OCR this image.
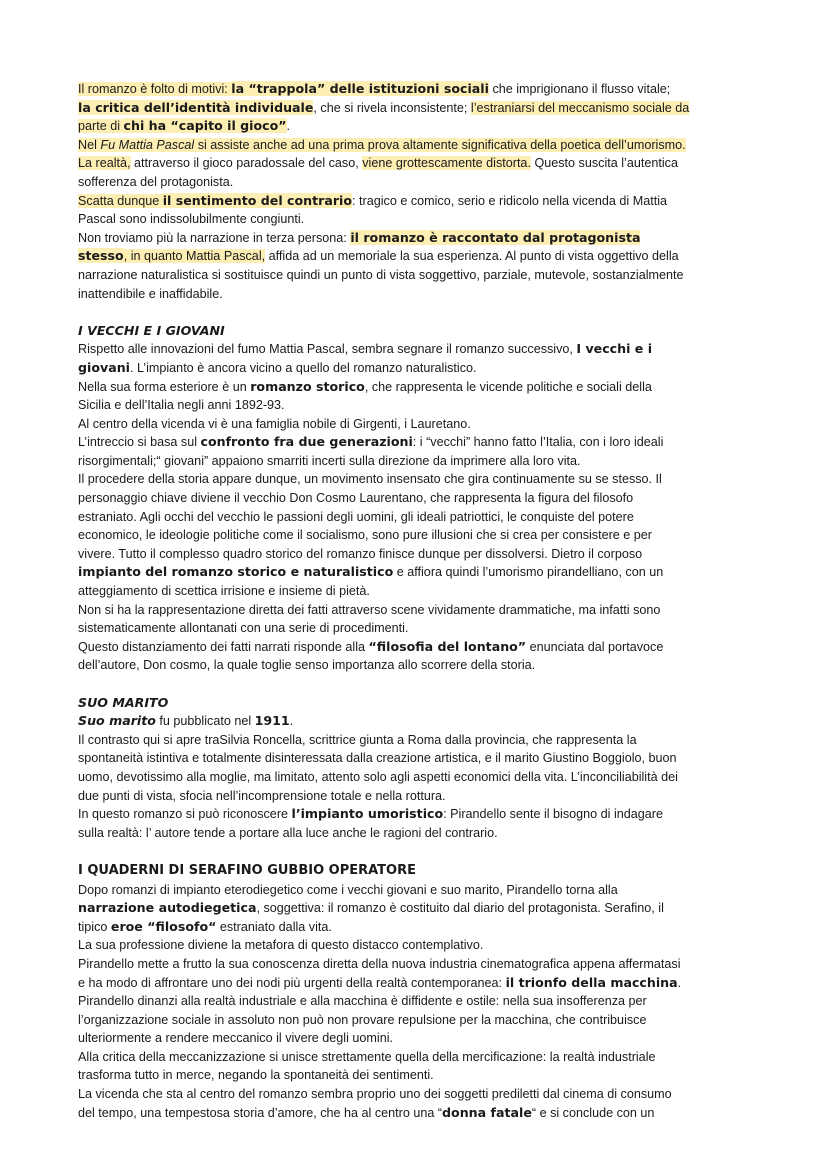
Il romanzo è folto di motivi: la “trappola” delle istituzioni sociali che imprigionano il flusso vitale;
la critica dell’identità individuale, che si rivela inconsistente; l’estraniarsi del meccanismo sociale da
parte di chi ha “capito il gioco”.
Nel Fu Mattia Pascal si assiste anche ad una prima prova altamente significativa della poetica dell’umorismo.
La realtà, attraverso il gioco paradossale del caso, viene grottescamente distorta. Questo suscita l’autentica
sofferenza del protagonista.
Scatta dunque il sentimento del contrario: tragico e comico, serio e ridicolo nella vicenda di Mattia
Pascal sono indissolubilmente congiunti.
Non troviamo più la narrazione in terza persona: il romanzo è raccontato dal protagonista
stesso, in quanto Mattia Pascal, affida ad un memoriale la sua esperienza. Al punto di vista oggettivo della
narrazione naturalistica si sostituisce quindi un punto di vista soggettivo, parziale, mutevole, sostanzialmente
inattendibile e inaffidabile.
I VECCHI E I GIOVANI
Rispetto alle innovazioni del fumo Mattia Pascal, sembra segnare il romanzo successivo, I vecchi e i
giovani. L’impianto è ancora vicino a quello del romanzo naturalistico.
Nella sua forma esteriore è un romanzo storico, che rappresenta le vicende politiche e sociali della
Sicilia e dell’Italia negli anni 1892-93.
Al centro della vicenda vi è una famiglia nobile di Girgenti, i Lauretano.
L’intreccio si basa sul confronto fra due generazioni: i “vecchi” hanno fatto l’Italia, con i loro ideali
risorgimentali;“ giovani” appaiono smarriti incerti sulla direzione da imprimere alla loro vita.
Il procedere della storia appare dunque, un movimento insensato che gira continuamente su se stesso. Il
personaggio chiave diviene il vecchio Don Cosmo Laurentano, che rappresenta la figura del filosofo
estraniato. Agli occhi del vecchio le passioni degli uomini, gli ideali patriottici, le conquiste del potere
economico, le ideologie politiche come il socialismo, sono pure illusioni che si crea per consistere e per
vivere. Tutto il complesso quadro storico del romanzo finisce dunque per dissolversi. Dietro il corposo
impianto del romanzo storico e naturalistico e affiora quindi l’umorismo pirandelliano, con un
atteggiamento di scettica irrisione e insieme di pietà.
Non si ha la rappresentazione diretta dei fatti attraverso scene vividamente drammatiche, ma infatti sono
sistematicamente allontanati con una serie di procedimenti.
Questo distanziamento dei fatti narrati risponde alla “filosofia del lontano” enunciata dal portavoce
dell’autore, Don cosmo, la quale toglie senso importanza allo scorrere della storia.
SUO MARITO
Suo marito fu pubblicato nel 1911.
Il contrasto qui si apre traSilvia Roncella, scrittrice giunta a Roma dalla provincia, che rappresenta la
spontaneità istintiva e totalmente disinteressata dalla creazione artistica, e il marito Giustino Boggiolo, buon
uomo, devotissimo alla moglie, ma limitato, attento solo agli aspetti economici della vita. L’inconciliabilità dei
due punti di vista, sfocia nell’incomprensione totale e nella rottura.
In questo romanzo si può riconoscere l’impianto umoristico: Pirandello sente il bisogno di indagare
sulla realtà: l’ autore tende a portare alla luce anche le ragioni del contrario.
I QUADERNI DI SERAFINO GUBBIO OPERATORE
Dopo romanzi di impianto eterodiegetico come i vecchi giovani e suo marito, Pirandello torna alla
narrazione autodiegetica, soggettiva: il romanzo è costituito dal diario del protagonista. Serafino, il
tipico eroe “filosofo“ estraniato dalla vita.
La sua professione diviene la metafora di questo distacco contemplativo.
Pirandello mette a frutto la sua conoscenza diretta della nuova industria cinematografica appena affermatasi
e ha modo di affrontare uno dei nodi più urgenti della realtà contemporanea: il trionfo della macchina.
Pirandello dinanzi alla realtà industriale e alla macchina è diffidente e ostile: nella sua insofferenza per
l’organizzazione sociale in assoluto non può non provare repulsione per la macchina, che contribuisce
ulteriormente a rendere meccanico il vivere degli uomini.
Alla critica della meccanizzazione si unisce strettamente quella della mercificazione: la realtà industriale
trasforma tutto in merce, negando la spontaneità dei sentimenti.
La vicenda che sta al centro del romanzo sembra proprio uno dei soggetti prediletti dal cinema di consumo
del tempo, una tempestosa storia d’amore, che ha al centro una “donna fatale“ e si conclude con un
